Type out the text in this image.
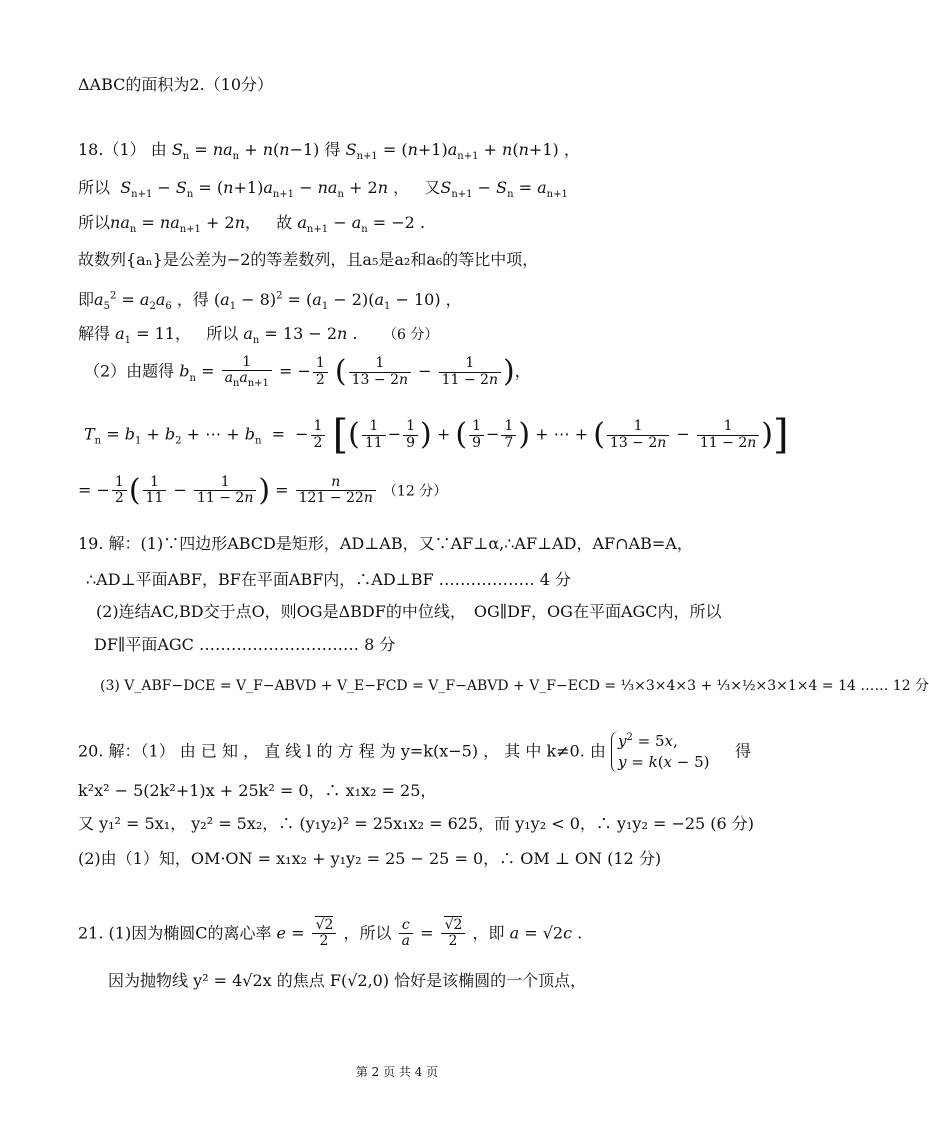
ΔABC的面积为2.（10分）
18.（1） 由 $S_n = na_n + n(n-1)$ 得 $S_{n+1} = (n+1)a_{n+1} + n(n+1)$ ，
所以 $S_{n+1} - S_n = (n+1)a_{n+1} - na_n + 2n$ ，   又$S_{n+1} - S_n = a_{n+1}$
所以$na_n = na_{n+1} + 2n$，   故 $a_{n+1} - a_n = -2$ .
故数列{aₙ}是公差为−2的等差数列，且a₅是a₂和a₆的等比中项，
即$a_5^2 = a_2a_6$ ，得 $(a_1 - 8)^2 = (a_1 - 2)(a_1 - 10)$ ，
解得 $a_1 = 11$，   所以 $a_n = 13 - 2n$ .     （6 分）
（2）由题得 $b_n = \frac{1}{a_na_{n+1}}$ = − $\frac{1}{2}$ ( $\frac{1}{13 - 2n} - \frac{1}{11 - 2n}$ )，
$T_n = b_1 + b_2$ + ⋯ + $b_n$  =  − $\frac{1}{2}$ [( $\frac{1}{11} - \frac{1}{9}$ ) + ( $\frac{1}{9} - \frac{1}{7}$ ) + ⋯ + ( $\frac{1}{13 - 2n} - \frac{1}{11 - 2n}$ )]
= − $\frac{1}{2}$ ( $\frac{1}{11} - \frac{1}{11 - 2n}$ ) = $\frac{n}{121 - 22n} (12$ 分）
19. 解：(1)∵四边形ABCD是矩形，AD⊥AB，又∵AF⊥α,∴AF⊥AD，AF∩AB=A，
∴AD⊥平面ABF，BF在平面ABF内，∴AD⊥BF ……………… 4 分
(2)连结AC,BD交于点O，则OG是ΔBDF的中位线，　OG∥DF，OG在平面AGC内，所以
DF∥平面AGC ………………………… 8 分
(3) V_ABF−DCE = V_F−ABVD + V_E−FCD = V_F−ABVD + V_F−ECD = ⅓×3×4×3 + ⅓×½×3×1×4 = 14 …… 12 分
20. 解：（1） 由 已 知 ， 直 线 l 的 方 程 为 y=k(x−5) ， 其 中 k≠0. 由 $y^2 = 5x$,
y = k(x − 5)     得
k²x² − 5(2k²+1)x + 25k² = 0，∴ x₁x₂ = 25，
又 y₁² = 5x₁， y₂² = 5x₂，∴ (y₁y₂)² = 25x₁x₂ = 625，而 y₁y₂ < 0，∴ y₁y₂ = −25 (6 分)
(2)由（1）知，OM·ON = x₁x₂ + y₁y₂ = 25 − 25 = 0，∴ OM ⊥ ON (12 分)
21. (1)因为椭圆C的离心率 $e = \frac{√2}{2}$ ，所以 $\frac{c}{a} = \frac{√2}{2}$ ，即 a = √2c .
因为抛物线 y² = 4√2x 的焦点 F(√2,0) 恰好是该椭圆的一个顶点，
第 2 页 共 4 页
